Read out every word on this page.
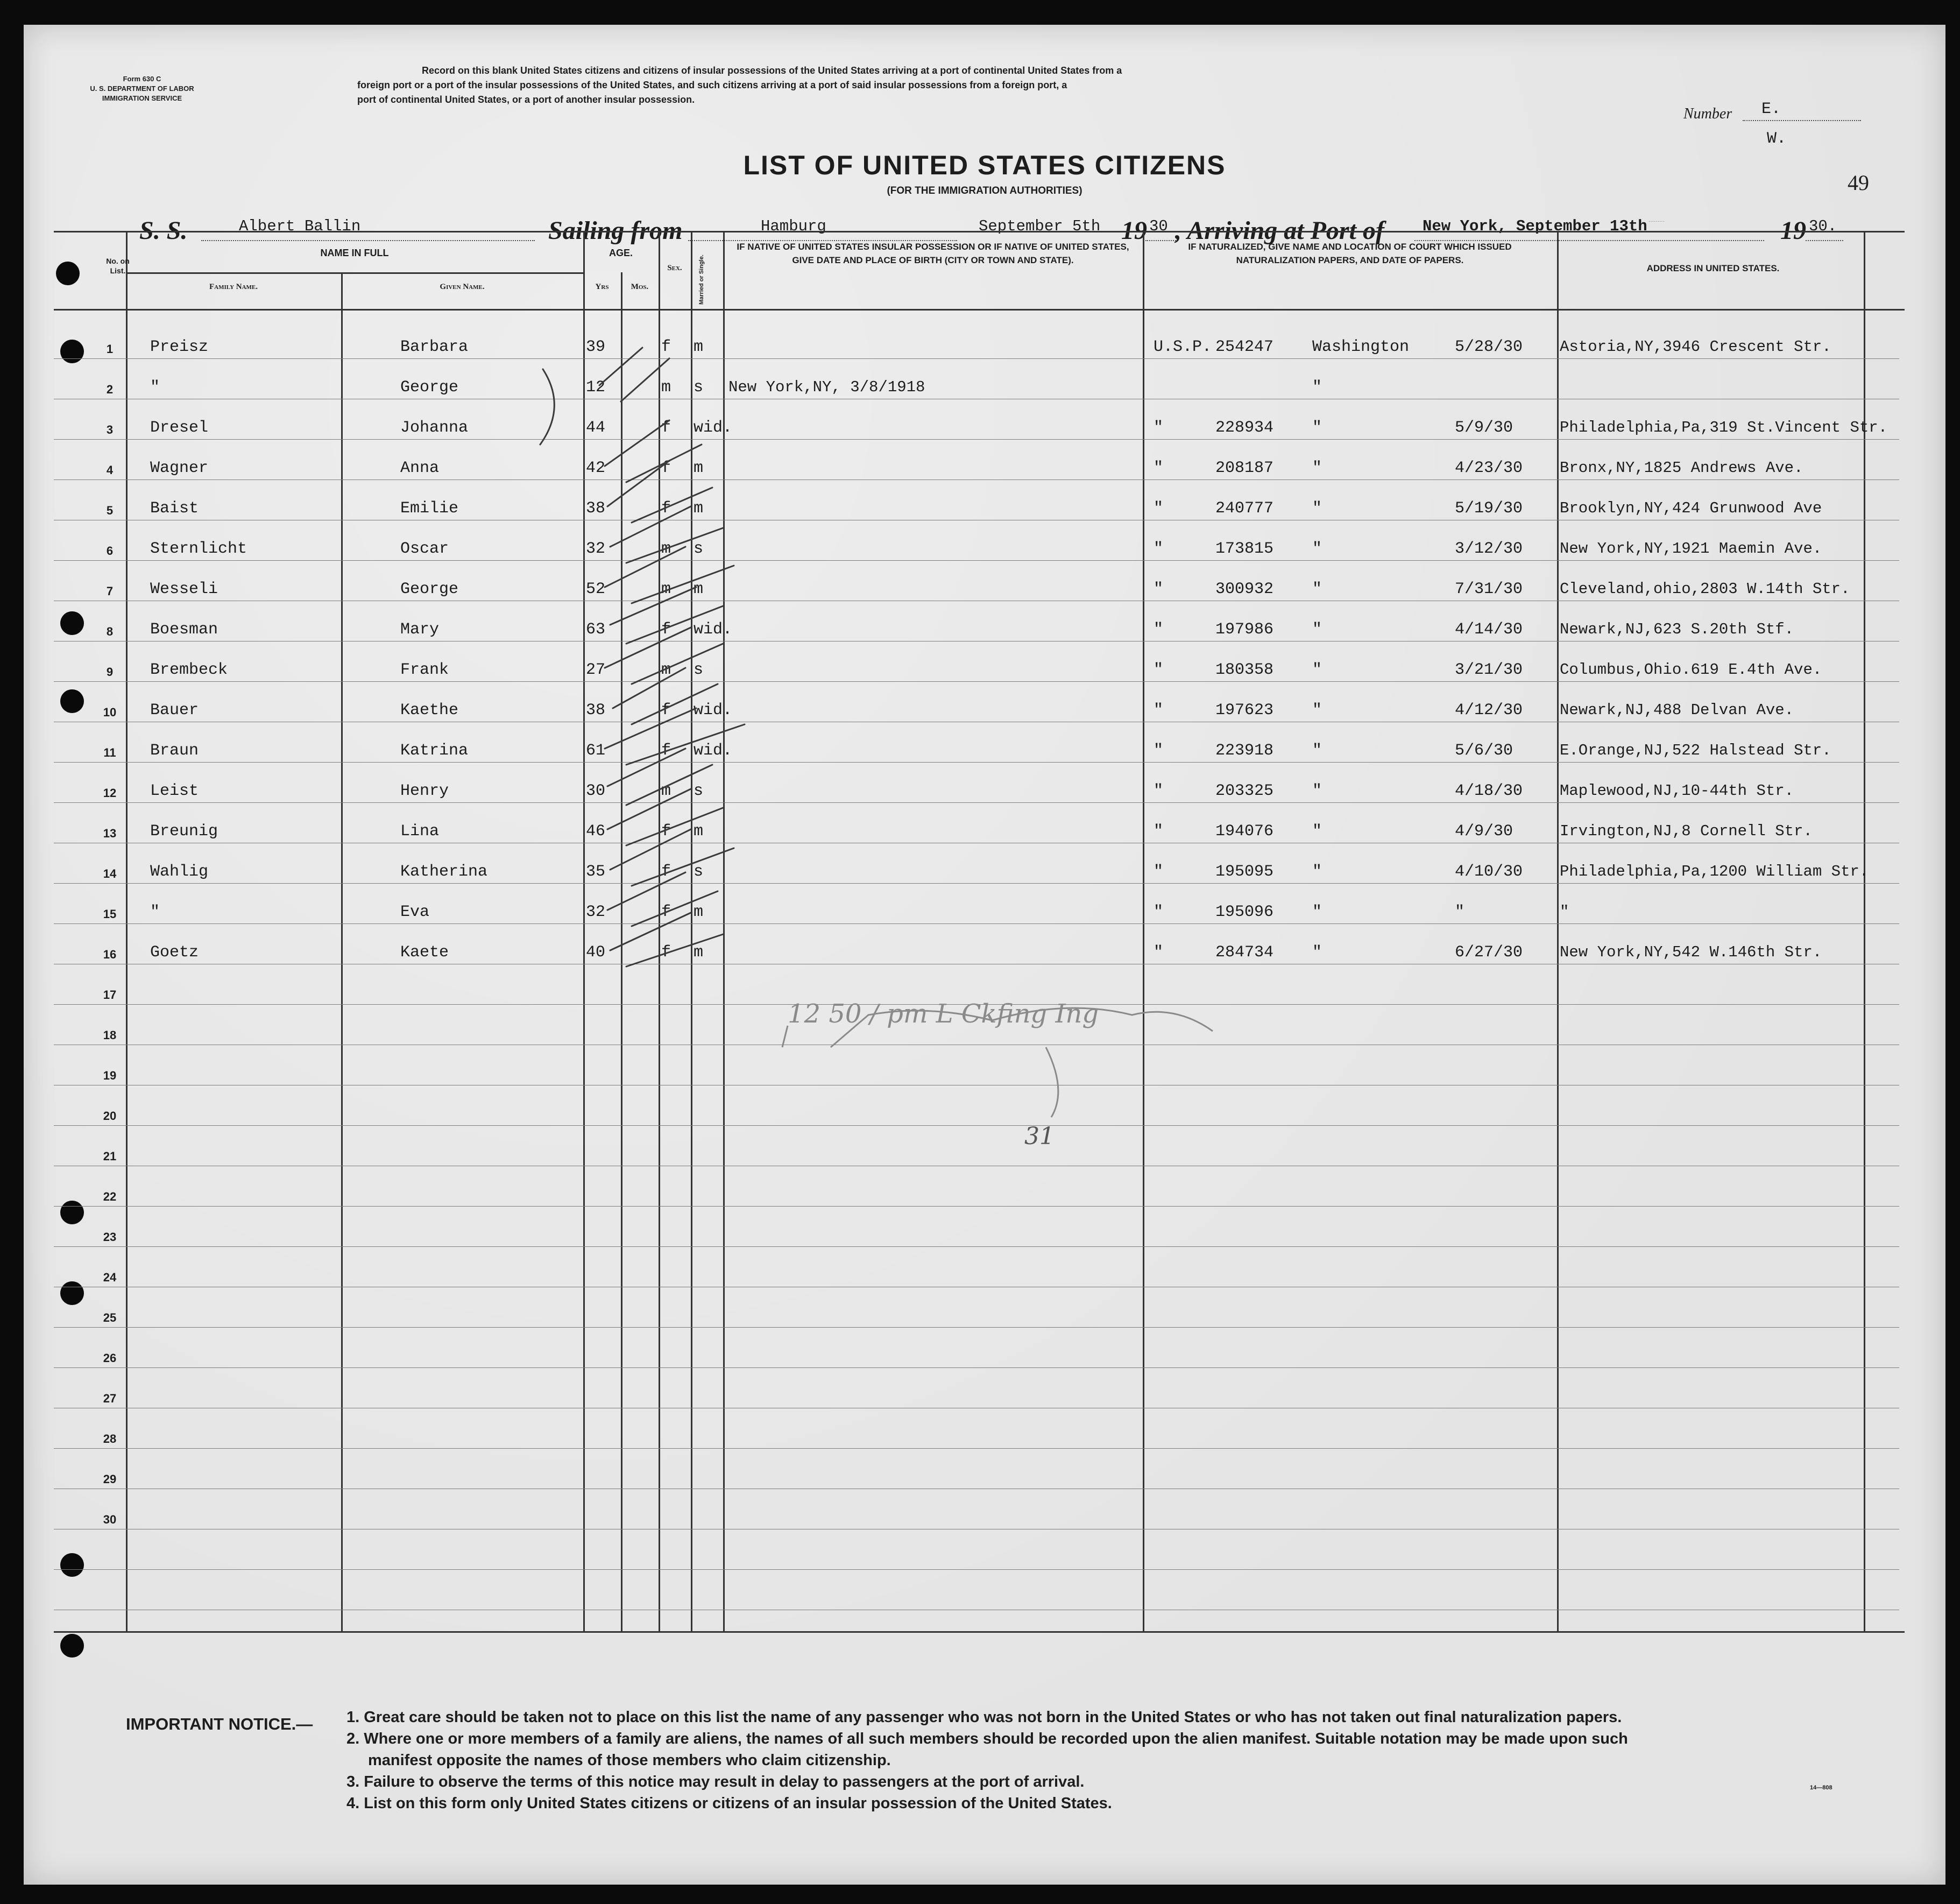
Form 630 C
U. S. DEPARTMENT OF LABOR
IMMIGRATION SERVICE
Record on this blank United States citizens and citizens of insular possessions of the United States arriving at a port of continental United States from a
foreign port or a port of the insular possessions of the United States, and such citizens arriving at a port of said insular possessions from a foreign port, a
port of continental United States, or a port of another insular possession.
Number E.
W.
49
LIST OF UNITED STATES CITIZENS
(FOR THE IMMIGRATION AUTHORITIES)
S. S.	Albert Ballin	Sailing from	Hamburg	September 5th 19 30 , Arriving at Port of New York, September 13th	19 30.
·········
No. on List.
NAME IN FULL
Family Name.	Given Name.
AGE.
Yrs	Mos.
Sex.	Married or Single.
IF NATIVE OF UNITED STATES INSULAR POSSESSION OR IF NATIVE OF UNITED STATES, GIVE DATE AND PLACE OF BIRTH (CITY OR TOWN AND STATE).
IF NATURALIZED, GIVE NAME AND LOCATION OF COURT WHICH ISSUED NATURALIZATION PAPERS, AND DATE OF PAPERS.
ADDRESS IN UNITED STATES.
1	Preisz	Barbara	39	f m	U.S.P. 254247 Washington	5/28/30 Astoria,NY,3946 Crescent Str.
2	"	George	12	m s New York,NY, 3/8/1918	"
3	Dresel	Johanna	44	f wid.	"	228934 "	5/9/30	Philadelphia,Pa,319 St.Vincent Str.
4	Wagner	Anna	42	f m	"	208187 "	4/23/30 Bronx,NY,1825 Andrews Ave.
5	Baist	Emilie	38	f m	"	240777 "	5/19/30 Brooklyn,NY,424 Grunwood Ave
6	Sternlicht	Oscar	32	m s	"	173815 "	3/12/30 New York,NY,1921 Maemin Ave.
7	Wesseli	George	52	m m	"	300932 "	7/31/30 Cleveland,ohio,2803 W.14th Str.
8	Boesman	Mary	63	f wid.	"	197986 "	4/14/30 Newark,NJ,623 S.20th Stf.
9	Brembeck	Frank	27	m s	"	180358 "	3/21/30 Columbus,Ohio.619 E.4th Ave.
10	Bauer	Kaethe	38	f wid.	"	197623 "	4/12/30 Newark,NJ,488 Delvan Ave.
11	Braun	Katrina	61	f wid.	"	223918 "	5/6/30	E.Orange,NJ,522 Halstead Str.
12	Leist	Henry	30	m s	"	203325 "	4/18/30 Maplewood,NJ,10-44th Str.
13	Breunig	Lina	46	f m	"	194076 "	4/9/30	Irvington,NJ,8 Cornell Str.
14	Wahlig	Katherina	35	f s	"	195095 "	4/10/30 Philadelphia,Pa,1200 William Str.
15	"	Eva	32	f m	"	195096 "	"	"
16	Goetz	Kaete	40	f m	"	284734 "	6/27/30 New York,NY,542 W.146th Str.
17
18
19
20
21
22
23
24
25
26
27
28
29
30
12 50 / pm L Ckfing Ing
31
IMPORTANT NOTICE.— 1. Great care should be taken not to place on this list the name of any passenger who was not born in the United States or who has not taken out final naturalization papers.
2. Where one or more members of a family are aliens, the names of all such members should be recorded upon the alien manifest. Suitable notation may be made upon such
manifest opposite the names of those members who claim citizenship.
3. Failure to observe the terms of this notice may result in delay to passengers at the port of arrival.
4. List on this form only United States citizens or citizens of an insular possession of the United States.
14—808
